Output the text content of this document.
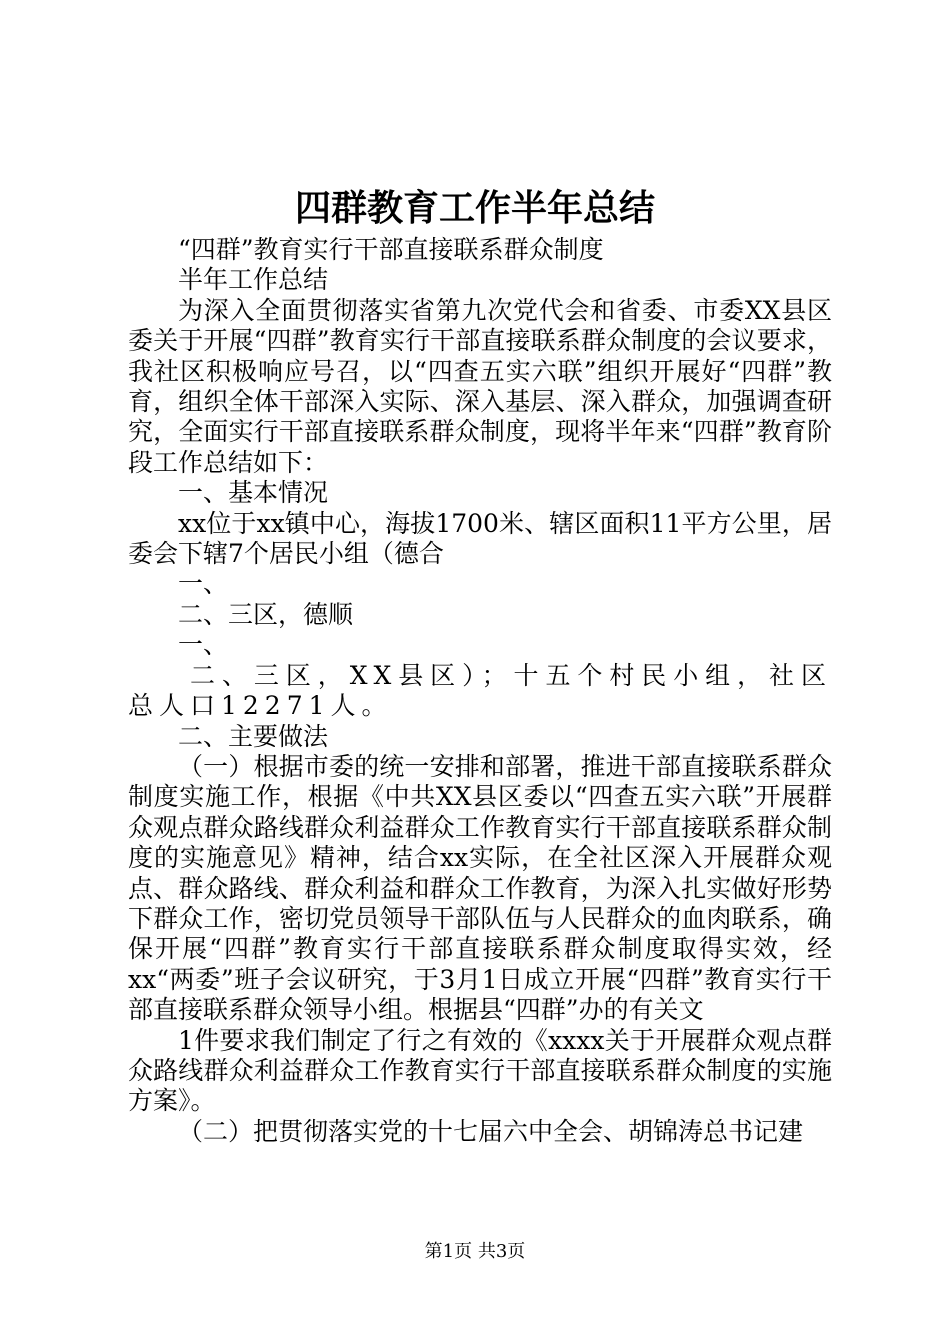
四群教育工作半年总结

“四群”教育实行干部直接联系群众制度

半年工作总结

为深入全面贯彻落实省第九次党代会和省委、市委XX县区委关于开展“四群”教育实行干部直接联系群众制度的会议要求，我社区积极响应号召，以“四查五实六联”组织开展好“四群”教育，组织全体干部深入实际、深入基层、深入群众，加强调查研究，全面实行干部直接联系群众制度，现将半年来“四群”教育阶段工作总结如下：

一、基本情况

xx位于xx镇中心，海拔1700米、辖区面积11平方公里，居委会下辖7个居民小组（德合

一、

二、三区，德顺

一、

二、三区，XX县区）；十五个村民小组，社区总人口12271人。

二、主要做法

（一）根据市委的统一安排和部署，推进干部直接联系群众制度实施工作，根据《中共XX县区委以“四查五实六联”开展群众观点群众路线群众利益群众工作教育实行干部直接联系群众制度的实施意见》精神，结合xx实际，在全社区深入开展群众观点、群众路线、群众利益和群众工作教育，为深入扎实做好形势下群众工作，密切党员领导干部队伍与人民群众的血肉联系，确保开展“四群”教育实行干部直接联系群众制度取得实效，经xx“两委”班子会议研究，于3月1日成立开展“四群”教育实行干部直接联系群众领导小组。根据县“四群”办的有关文

1件要求我们制定了行之有效的《xxxx关于开展群众观点群众路线群众利益群众工作教育实行干部直接联系群众制度的实施方案》。

（二）把贯彻落实党的十七届六中全会、胡锦涛总书记建

第1页 共3页
